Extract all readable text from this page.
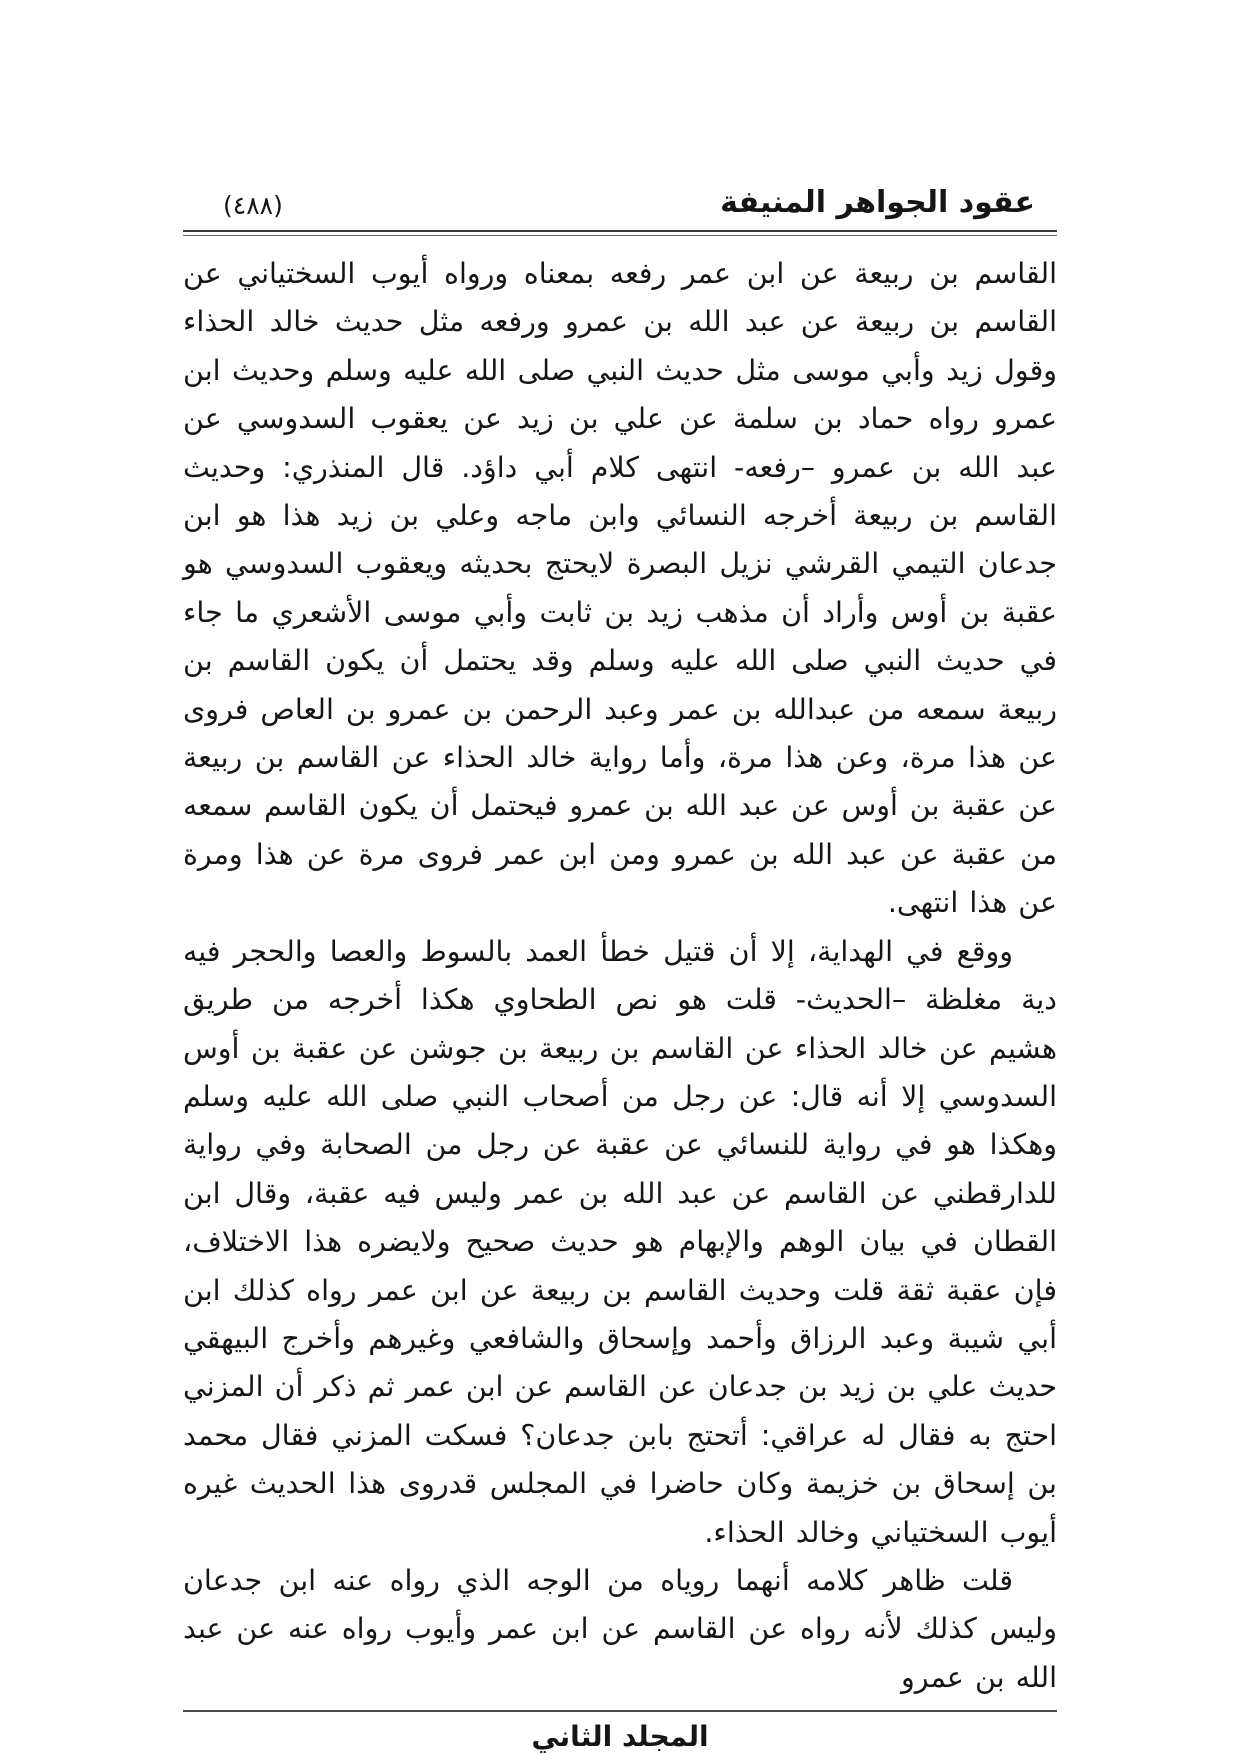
عقود الجواهر المنيفة
(٤٨٨)

القاسم بن ربيعة عن ابن عمر رفعه بمعناه ورواه أيوب السختياني عن القاسم بن ربيعة عن عبد الله بن عمرو ورفعه مثل حديث خالد الحذاء وقول زيد وأبي موسى مثل حديث النبي صلى الله عليه وسلم وحديث ابن عمرو رواه حماد بن سلمة عن علي بن زيد عن يعقوب السدوسي عن عبد الله بن عمرو –رفعه- انتهى كلام أبي داؤد. قال المنذري: وحديث القاسم بن ربيعة أخرجه النسائي وابن ماجه وعلي بن زيد هذا هو ابن جدعان التيمي القرشي نزيل البصرة لايحتج بحديثه ويعقوب السدوسي هو عقبة بن أوس وأراد أن مذهب زيد بن ثابت وأبي موسى الأشعري ما جاء في حديث النبي صلى الله عليه وسلم وقد يحتمل أن يكون القاسم بن ربيعة سمعه من عبدالله بن عمر وعبد الرحمن بن عمرو بن العاص فروى عن هذا مرة، وعن هذا مرة، وأما رواية خالد الحذاء عن القاسم بن ربيعة عن عقبة بن أوس عن عبد الله بن عمرو فيحتمل أن يكون القاسم سمعه من عقبة عن عبد الله بن عمرو ومن ابن عمر فروى مرة عن هذا ومرة عن هذا انتهى.

ووقع في الهداية، إلا أن قتيل خطأ العمد بالسوط والعصا والحجر فيه دية مغلظة –الحديث- قلت هو نص الطحاوي هكذا أخرجه من طريق هشيم عن خالد الحذاء عن القاسم بن ربيعة بن جوشن عن عقبة بن أوس السدوسي إلا أنه قال: عن رجل من أصحاب النبي صلى الله عليه وسلم وهكذا هو في رواية للنسائي عن عقبة عن رجل من الصحابة وفي رواية للدارقطني عن القاسم عن عبد الله بن عمر وليس فيه عقبة، وقال ابن القطان في بيان الوهم والإبهام هو حديث صحيح ولايضره هذا الاختلاف، فإن عقبة ثقة قلت وحديث القاسم بن ربيعة عن ابن عمر رواه كذلك ابن أبي شيبة وعبد الرزاق وأحمد وإسحاق والشافعي وغيرهم وأخرج البيهقي حديث علي بن زيد بن جدعان عن القاسم عن ابن عمر ثم ذكر أن المزني احتج به فقال له عراقي: أتحتج بابن جدعان؟ فسكت المزني فقال محمد بن إسحاق بن خزيمة وكان حاضرا في المجلس قدروى هذا الحديث غيره أيوب السختياني وخالد الحذاء.

قلت ظاهر كلامه أنهما روياه من الوجه الذي رواه عنه ابن جدعان وليس كذلك لأنه رواه عن القاسم عن ابن عمر وأيوب رواه عنه عن عبد الله بن عمرو

المجلد الثاني
